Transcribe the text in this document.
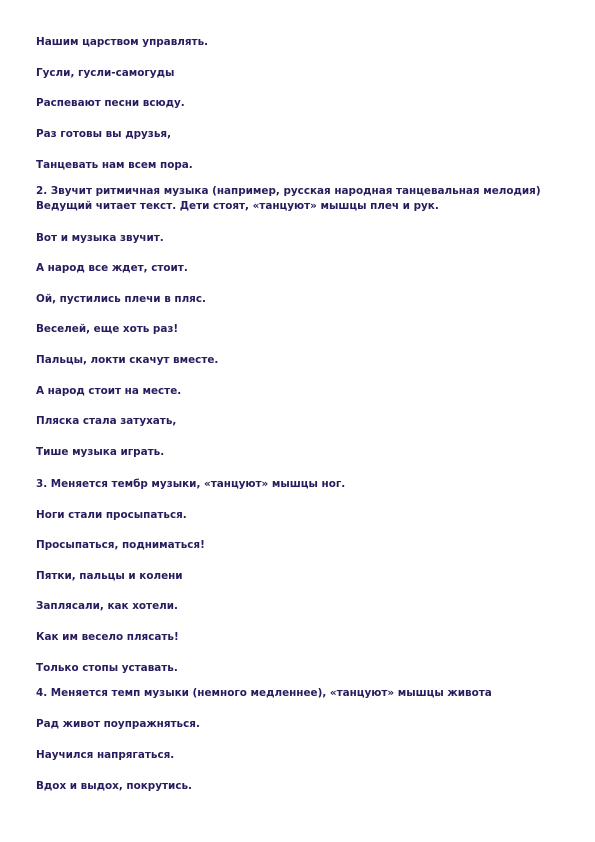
Нашим царством управлять.

Гусли, гусли-самогуды

Распевают песни всюду.

Раз готовы вы друзья,

Танцевать нам всем пора.

2. Звучит ритмичная музыка (например, русская народная танцевальная мелодия) Ведущий читает текст. Дети стоят, «танцуют» мышцы плеч и рук.

Вот и музыка звучит.

А народ все ждет, стоит.

Ой, пустились плечи в пляс.

Веселей, еще хоть раз!

Пальцы, локти скачут вместе.

А народ стоит на месте.

Пляска стала затухать,

Тише музыка играть.

3. Меняется тембр музыки, «танцуют» мышцы ног.

Ноги стали просыпаться.

Просыпаться, подниматься!

Пятки, пальцы и колени

Заплясали, как хотели.

Как им весело плясать!

Только стопы уставать.

4. Меняется темп музыки (немного медленнее), «танцуют» мышцы живота

Рад живот поупражняться.

Научился напрягаться.

Вдох и выдох, покрутись.
